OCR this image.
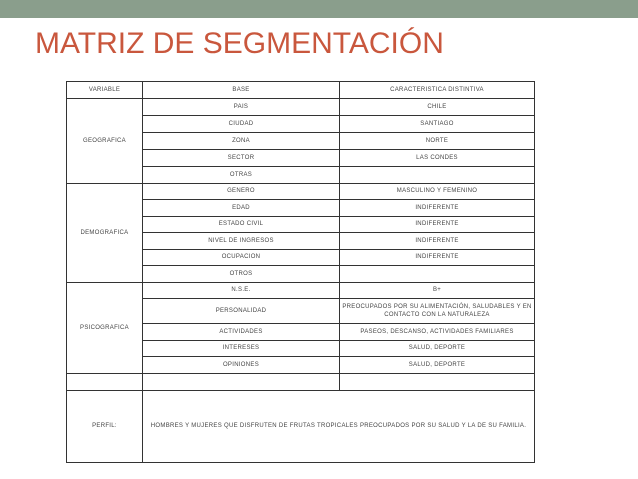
MATRIZ DE SEGMENTACIÓN
VARIABLE	BASE	CARACTERISTICA DISTINTIVA
GEOGRAFICA	PAIS	CHILE
	CIUDAD	SANTIAGO
	ZONA	NORTE
	SECTOR	LAS CONDES
	OTRAS	
DEMOGRAFICA	GENERO	MASCULINO Y FEMENINO
	EDAD	INDIFERENTE
	ESTADO CIVIL	INDIFERENTE
	NIVEL DE INGRESOS	INDIFERENTE
	OCUPACION	INDIFERENTE
	OTROS	
PSICOGRAFICA	N.S.E.	B+
	PERSONALIDAD	PREOCUPADOS POR SU ALIMENTACIÓN, SALUDABLES Y EN CONTACTO CON LA NATURALEZA
	ACTIVIDADES	PASEOS, DESCANSO, ACTIVIDADES FAMILIARES
	INTERESES	SALUD, DEPORTE
	OPINIONES	SALUD, DEPORTE

PERFIL:	HOMBRES Y MUJERES QUE DISFRUTEN DE FRUTAS TROPICALES PREOCUPADOS POR SU SALUD Y LA DE SU FAMILIA.	
